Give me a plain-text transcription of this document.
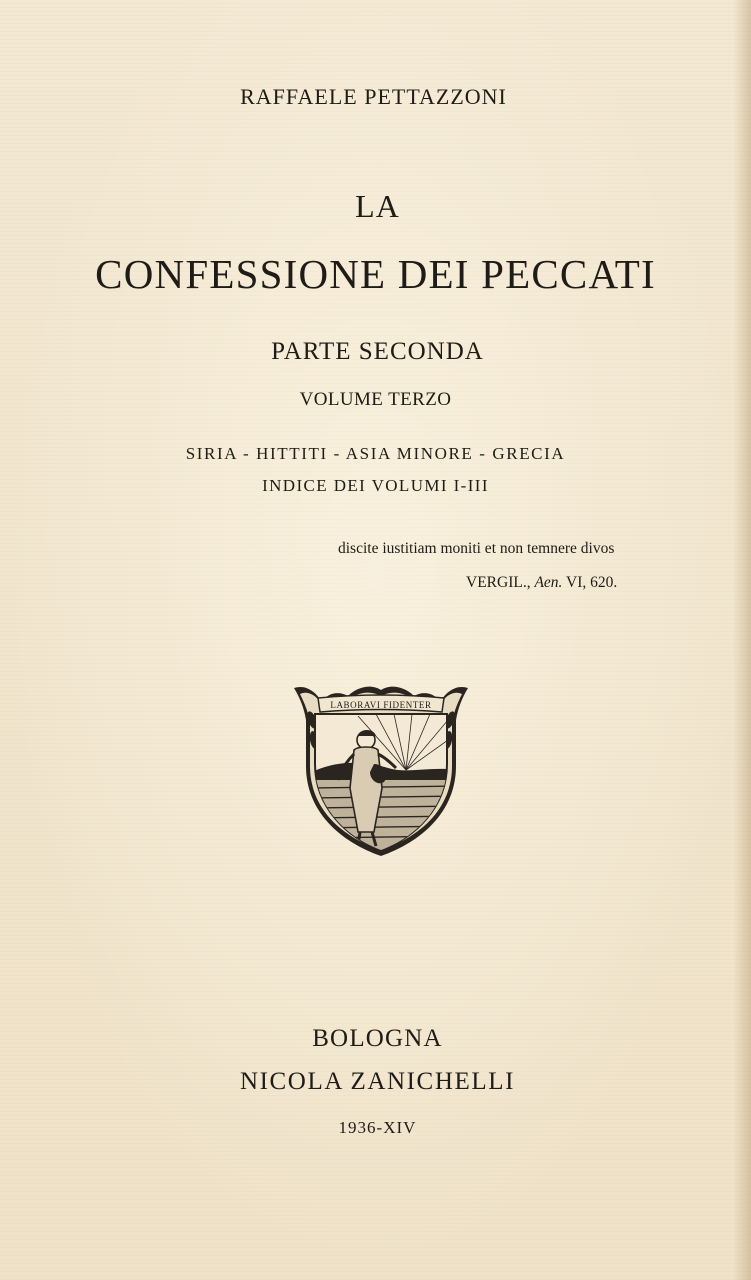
RAFFAELE PETTAZZONI

LA

CONFESSIONE DEI PECCATI

PARTE SECONDA

VOLUME TERZO

SIRIA - HITTITI - ASIA MINORE - GRECIA

INDICE DEI VOLUMI I-III

discite iustitiam moniti et non temnere divos

VERGIL., Aen. VI, 620.

LABORAVI FIDENTER

BOLOGNA

NICOLA ZANICHELLI

1936-XIV
